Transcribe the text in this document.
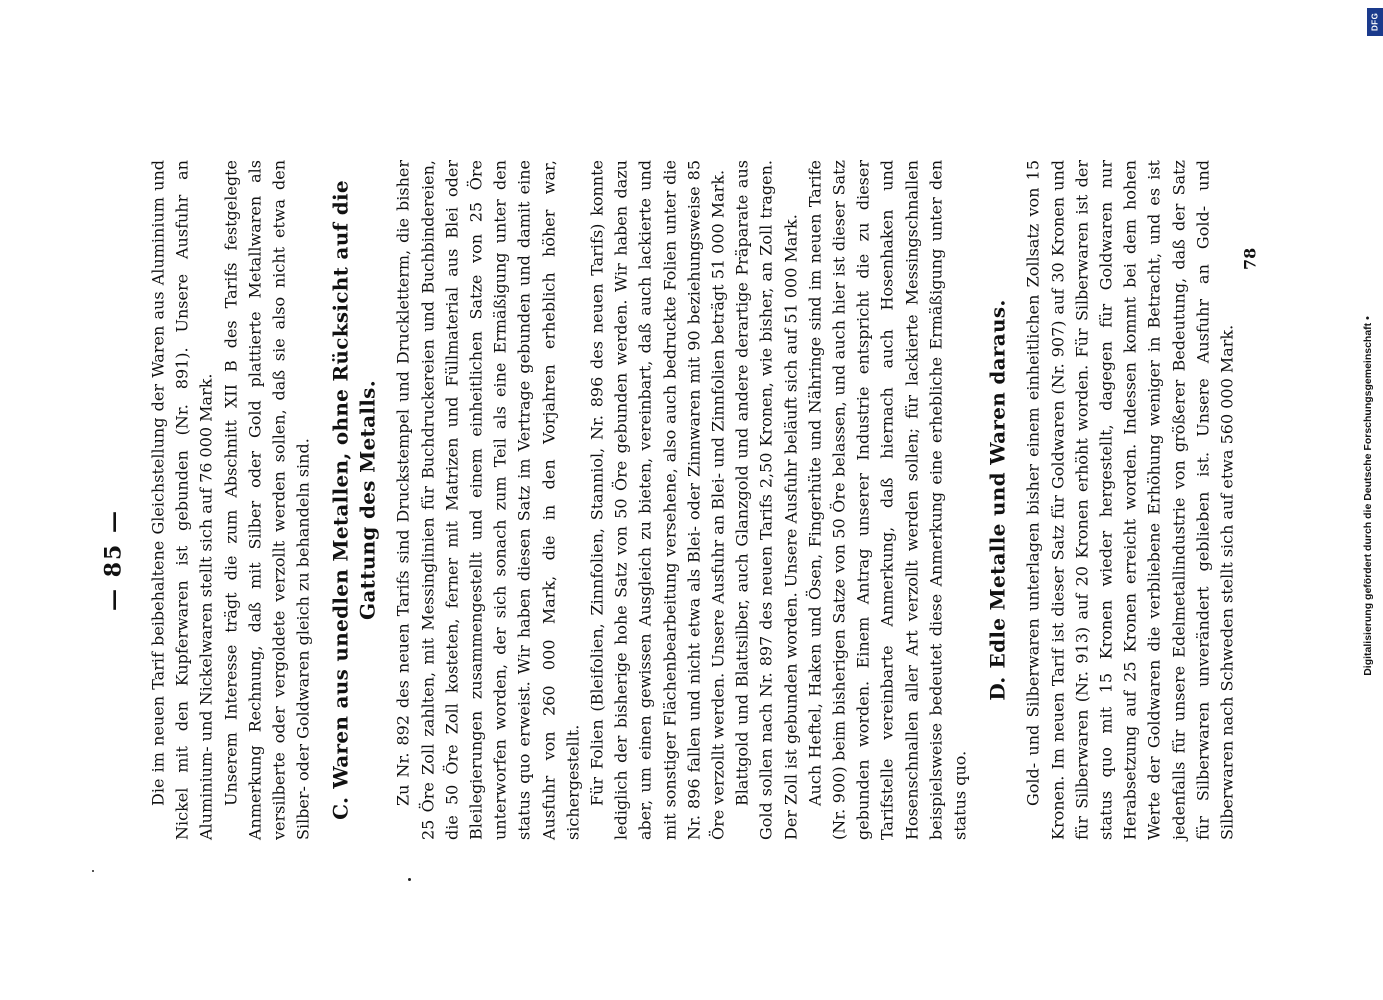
— 85 — Die im neuen Tarif beibehaltene Gleichstellung der Waren aus Aluminium und Nickel mit den Kupferwaren ist gebunden (Nr. 891). Unsere Ausfuhr an Aluminium- und Nickelwaren stellt sich auf 76 000 Mark. Unserem Interesse trägt die zum Abschnitt XII B des Tarifs festgelegte Anmerkung Rechnung, daß mit Silber oder Gold plattierte Metallwaren als versilberte oder vergoldete verzollt werden sollen, daß sie also nicht etwa den Silber- oder Goldwaren gleich zu behandeln sind. C.Waren aus unedlen Metallen, ohne Rücksicht auf die Gattung des Metalls. Zu Nr. 892 des neuen Tarifs sind Druckstempel und Druckletterm, die bisher 25 Öre Zoll zahlten, mit Messinglinien für Buchdruckereien und Buchbindereien, die 50 Öre Zoll kosteten, ferner mit Matrizen und Füllmaterial aus Blei oder Bleilegierungen zusammengestellt und einem einheitlichen Satze von 25 Öre unterworfen worden, der sich sonach zum Teil als eine Ermäßigung unter den status quo erweist. Wir haben diesen Satz im Vertrage gebunden und damit eine Ausfuhr von 260 000 Mark, die in den Vorjahren erheblich höher war, sichergestellt. Für Folien (Bleifolien, Zinnfolien, Stanniol, Nr. 896 des neuen Tarifs) konnte lediglich der bisherige hohe Satz von 50 Öre gebunden werden. Wir haben dazu aber, um einen gewissen Ausgleich zu bieten, vereinbart, daß auch lackierte und mit sonstiger Flächenbearbeitung versehene, also auch bedruckte Folien unter die Nr. 896 fallen und nicht etwa als Blei- oder Zinnwaren mit 90 beziehungsweise 85 Öre verzollt werden. Unsere Ausfuhr an Blei- und Zinnfolien beträgt 51 000 Mark. Blattgold und Blattsilber, auch Glanzgold und andere derartige Präparate aus Gold sollen nach Nr. 897 des neuen Tarifs 2,50 Kronen, wie bisher, an Zoll tragen. Der Zoll ist gebunden worden. Unsere Ausfuhr beläuft sich auf 51 000 Mark. Auch Heftel, Haken und Ösen, Fingerhüte und Nähringe sind im neuen Tarife (Nr. 900) beim bisherigen Satze von 50 Öre belassen, und auch hier ist dieser Satz gebunden worden. Einem Antrag unserer Industrie entspricht die zu dieser Tarifstelle vereinbarte Anmerkung, daß hiernach auch Hosenhaken und Hosenschnallen aller Art verzollt werden sollen; für lackierte Messingschnallen beispielsweise bedeutet diese Anmerkung eine erhebliche Ermäßigung unter den status quo.

D.Edle Metalle und Waren daraus. Gold- und Silberwaren unterlagen bisher einem einheitlichen Zollsatz von 15 Kronen. Im neuen Tarif ist dieser Satz für Goldwaren (Nr. 907) auf 30 Kronen und für Silberwaren (Nr. 913) auf 20 Kronen erhöht worden. Für Silberwaren ist der status quo mit 15 Kronen wieder hergestellt, dagegen für Goldwaren nur Herabsetzung auf 25 Kronen erreicht worden. Indessen kommt bei dem hohen Werte der Goldwaren die verbliebene Erhöhung weniger in Betracht, und es ist jedenfalls für unsere Edelmetallindustrie von größerer Bedeutung, daß der Satz für Silberwaren unverändert geblieben ist. Unsere Ausfuhr an Gold- und Silberwaren nach Schweden stellt sich auf etwa 560 000 Mark.

78
DFG
Digitalisierung gefördert durch die Deutsche Forschungsgemeinschaft •
